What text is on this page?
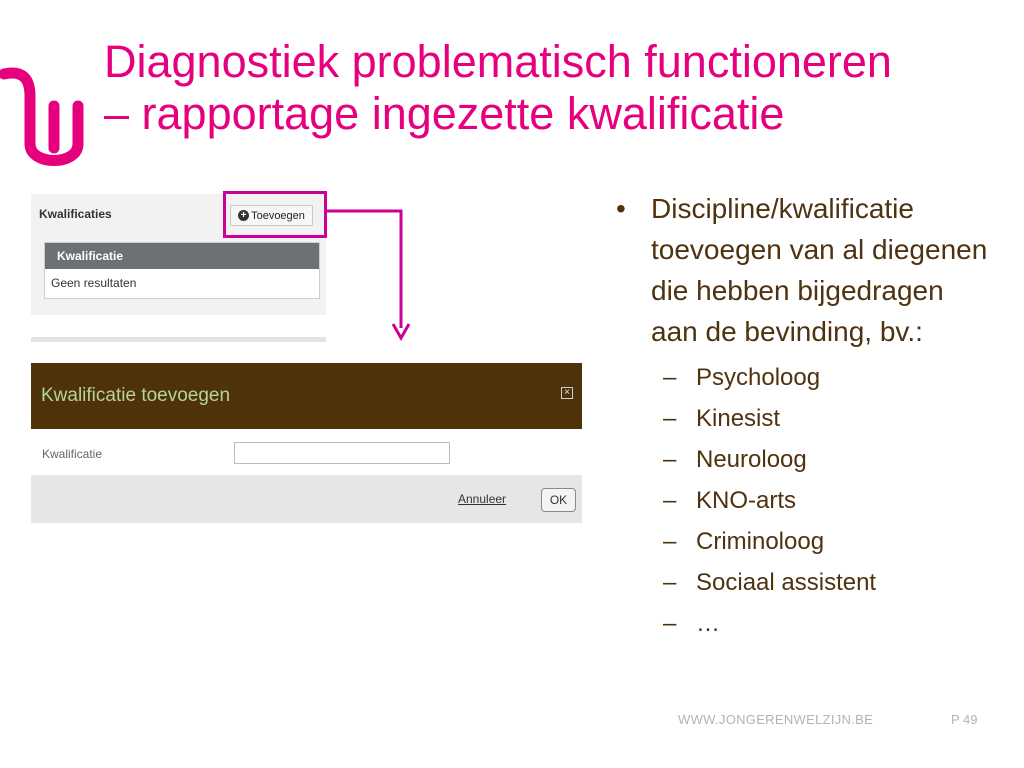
Diagnostiek problematisch functioneren
– rapportage ingezette kwalificatie
Kwalificaties	+ Toevoegen
Kwalificatie
Geen resultaten
Kwalificatie toevoegen	×
Kwalificatie
Annuleer	OK
• Discipline/kwalificatie toevoegen van al diegenen die hebben bijgedragen aan de bevinding, bv.:
– Psycholoog
– Kinesist
– Neuroloog
– KNO-arts
– Criminoloog
– Sociaal assistent
– …
WWW.JONGERENWELZIJN.BE	P 49
